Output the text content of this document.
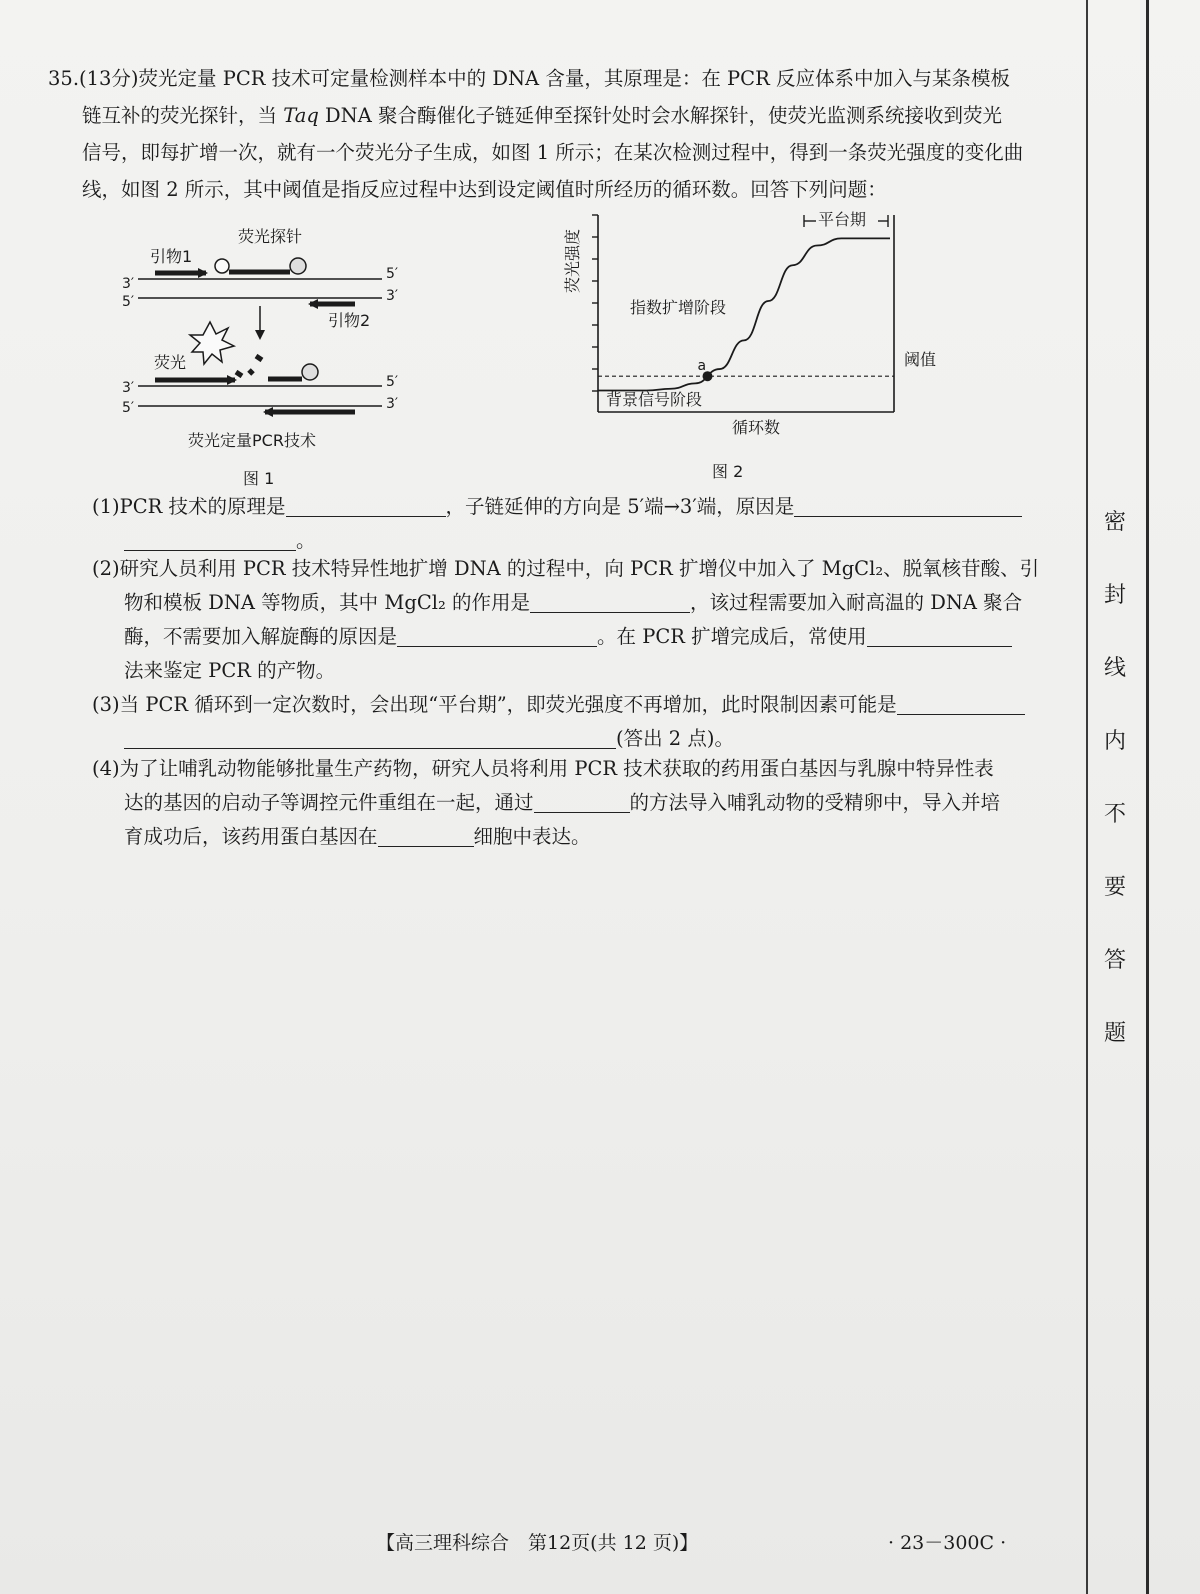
密
封
线
内
不
要
答
题
35.(13分)荧光定量 PCR 技术可定量检测样本中的 DNA 含量，其原理是：在 PCR 反应体系中加入与某条模板
链互补的荧光探针，当 Taq DNA 聚合酶催化子链延伸至探针处时会水解探针，使荧光监测系统接收到荧光
信号，即每扩增一次，就有一个荧光分子生成，如图 1 所示；在某次检测过程中，得到一条荧光强度的变化曲
线，如图 2 所示，其中阈值是指反应过程中达到设定阈值时所经历的循环数。回答下列问题：
荧光探针
引物1
3′
5′
5′
3′
引物2
荧光
3′
5′
5′
3′
荧光定量PCR技术
图 1
荧光强度
阈值
a
平台期
指数扩增阶段
背景信号阶段
循环数
图 2
(1)PCR 技术的原理是	，子链延伸的方向是 5′端→3′端，原因是
。
(2)研究人员利用 PCR 技术特异性地扩增 DNA 的过程中，向 PCR 扩增仪中加入了 MgCl₂、脱氧核苷酸、引
物和模板 DNA 等物质，其中 MgCl₂ 的作用是	，该过程需要加入耐高温的 DNA 聚合
酶，不需要加入解旋酶的原因是	。在 PCR 扩增完成后，常使用
法来鉴定 PCR 的产物。
(3)当 PCR 循环到一定次数时，会出现“平台期”，即荧光强度不再增加，此时限制因素可能是
(答出 2 点)。
(4)为了让哺乳动物能够批量生产药物，研究人员将利用 PCR 技术获取的药用蛋白基因与乳腺中特异性表
达的基因的启动子等调控元件重组在一起，通过	的方法导入哺乳动物的受精卵中，导入并培
育成功后，该药用蛋白基因在	细胞中表达。
【高三理科综合　第12页(共 12 页)】	· 23－300C ·
